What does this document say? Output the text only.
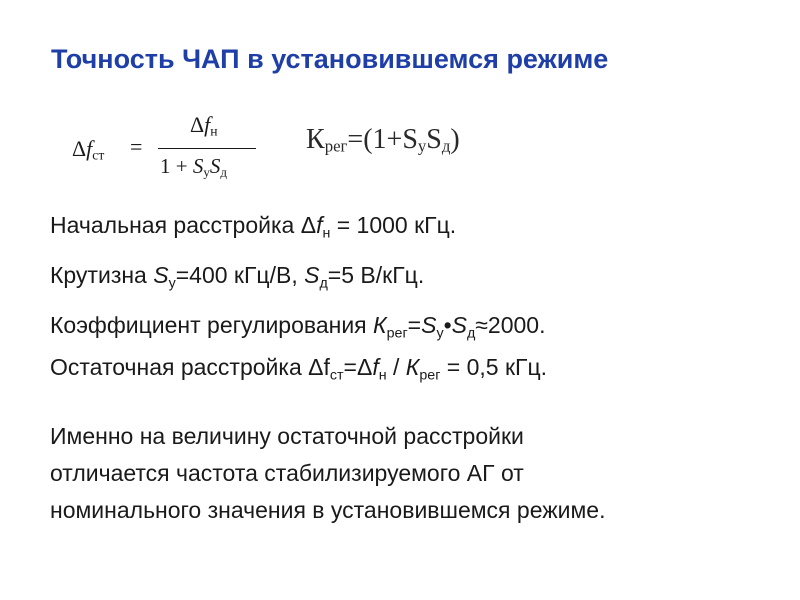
Точность ЧАП в установившемся режиме
$\Delta f_{ст}$ =
$\Delta f_н$
$1 + S_уS_д$
$К_{рег}=(1+S_уS_д)$
Начальная расстройка $\Delta f_н = 1000$ кГц.
Крутизна $S_у=400$ кГц/В, $S_д=5$ В/кГц.
Коэффициент регулирования $К_{рег}=S_у•S_д\approx 2000$.
Остаточная расстройка $\Delta f_{ст}=\Delta f_н / К_{рег} = 0,5$ кГц.
Именно на величину остаточной расстройки
отличается частота стабилизируемого АГ от
номинального значения в установившемся режиме.
